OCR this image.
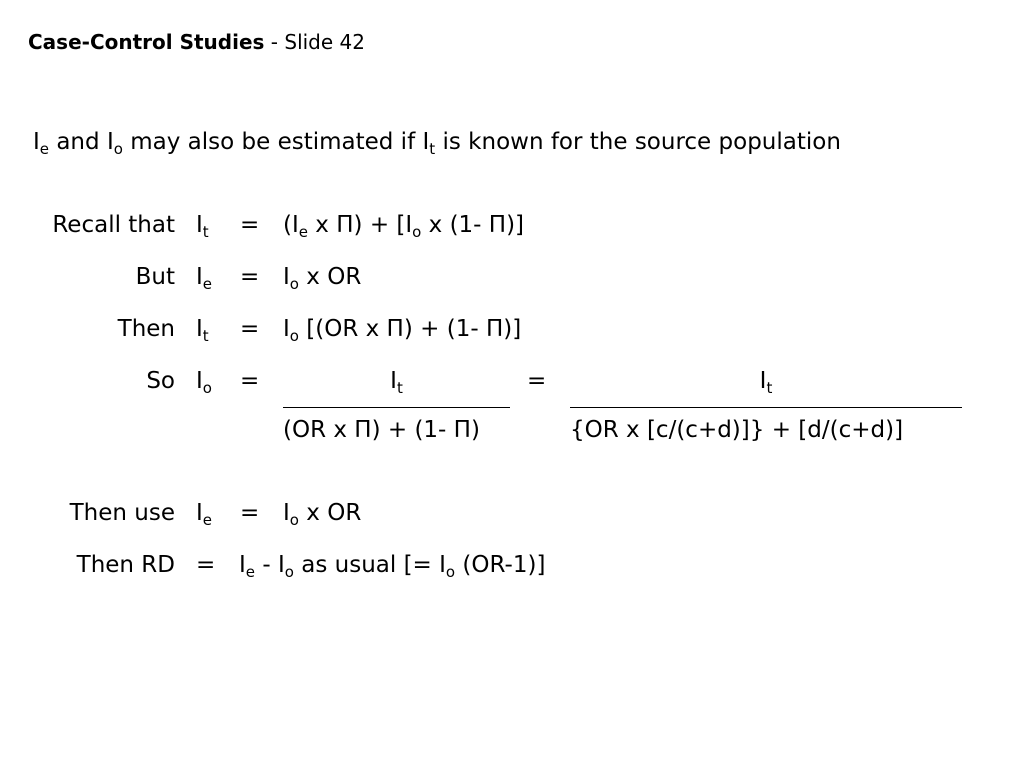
Case-Control Studies - Slide 42
$I_e$ and $I_o$ may also be estimated if $I_t$ is known for the source population
Recall that $I_t = (I_e$ x $\Pi) + [I_o$ x (1- Π)]
But $I_e = I_o$ x OR
Then $I_t = I_o$ [(OR x Π) + (1- Π)]
So $I_o$ =	$I_t$
(OR x Π) + (1- Π)
=	$I_t$
{OR x [c/(c+d)]} + [d/(c+d)]
Then use $I_e = I_o$ x OR
Then RD = $I_e - I_o$ as usual [= $I_o$ (OR-1)]
